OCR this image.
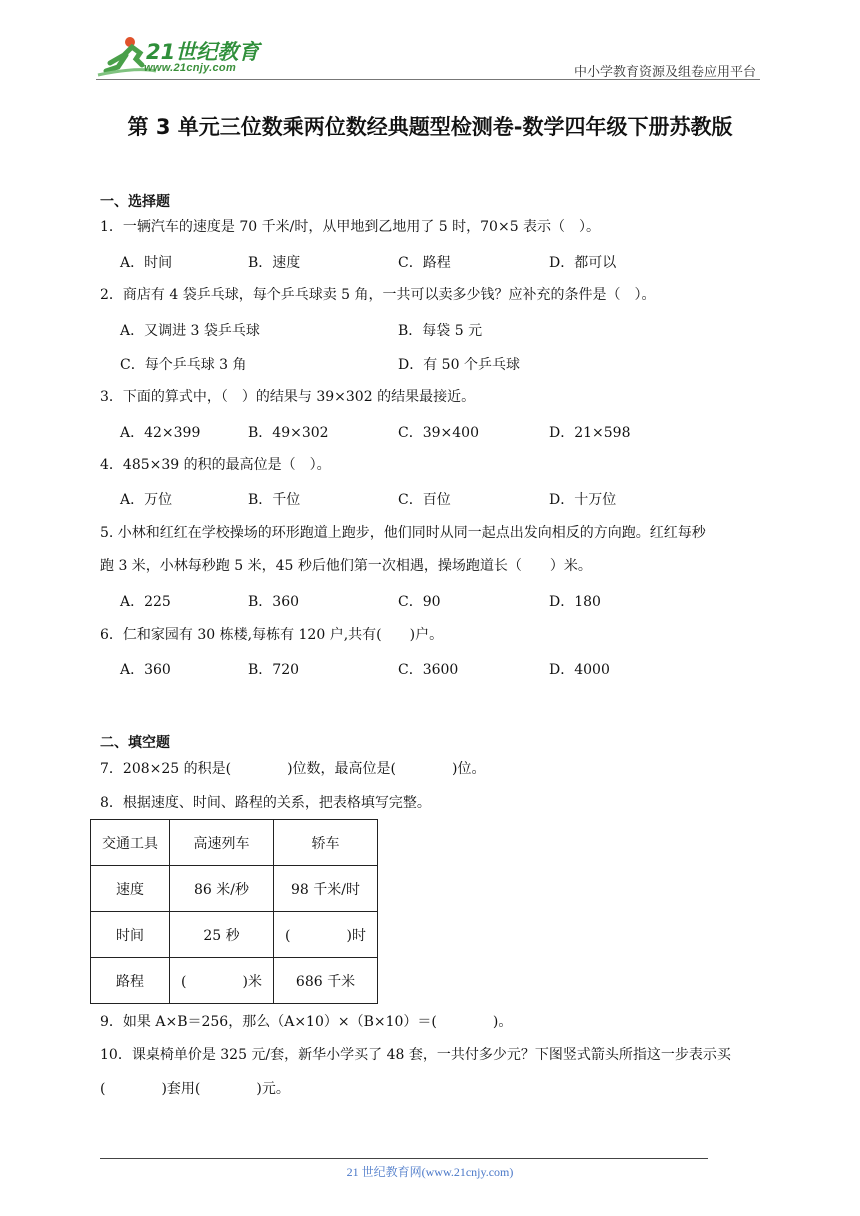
21世纪教育
www.21cnjy.com	中小学教育资源及组卷应用平台
第 3 单元三位数乘两位数经典题型检测卷-数学四年级下册苏教版
一、选择题
1．一辆汽车的速度是 70 千米/时，从甲地到乙地用了 5 时，70×5 表示（　）。
A．时间	B．速度	C．路程	D．都可以
2．商店有 4 袋乒乓球，每个乒乓球卖 5 角，一共可以卖多少钱？应补充的条件是（　）。
A．又调进 3 袋乒乓球	B．每袋 5 元
C．每个乒乓球 3 角	D．有 50 个乒乓球
3．下面的算式中，（　）的结果与 39×302 的结果最接近。
A．42×399	B．49×302	C．39×400	D．21×598
4．485×39 的积的最高位是（　）。
A．万位	B．千位	C．百位	D．十万位
5. 小林和红红在学校操场的环形跑道上跑步，他们同时从同一起点出发向相反的方向跑。红红每秒
跑 3 米，小林每秒跑 5 米，45 秒后他们第一次相遇，操场跑道长（　　）米。
A．225	B．360	C．90	D．180
6．仁和家园有 30 栋楼,每栋有 120 户,共有(　　)户。
A．360	B．720	C．3600	D．4000
二、填空题
7．208×25 的积是(　　　　)位数，最高位是(　　　　)位。
8．根据速度、时间、路程的关系，把表格填写完整。
交通工具	高速列车	轿车
速度	86 米/秒	98 千米/时
时间	25 秒	(　　　　)时
路程	(　　　　)米	686 千米
9．如果 A×B＝256，那么（A×10）×（B×10）＝(　　　　)。
10．课桌椅单价是 325 元/套，新华小学买了 48 套，一共付多少元？下图竖式箭头所指这一步表示买
(　　　　)套用(　　　　)元。
21 世纪教育网(www.21cnjy.com)
